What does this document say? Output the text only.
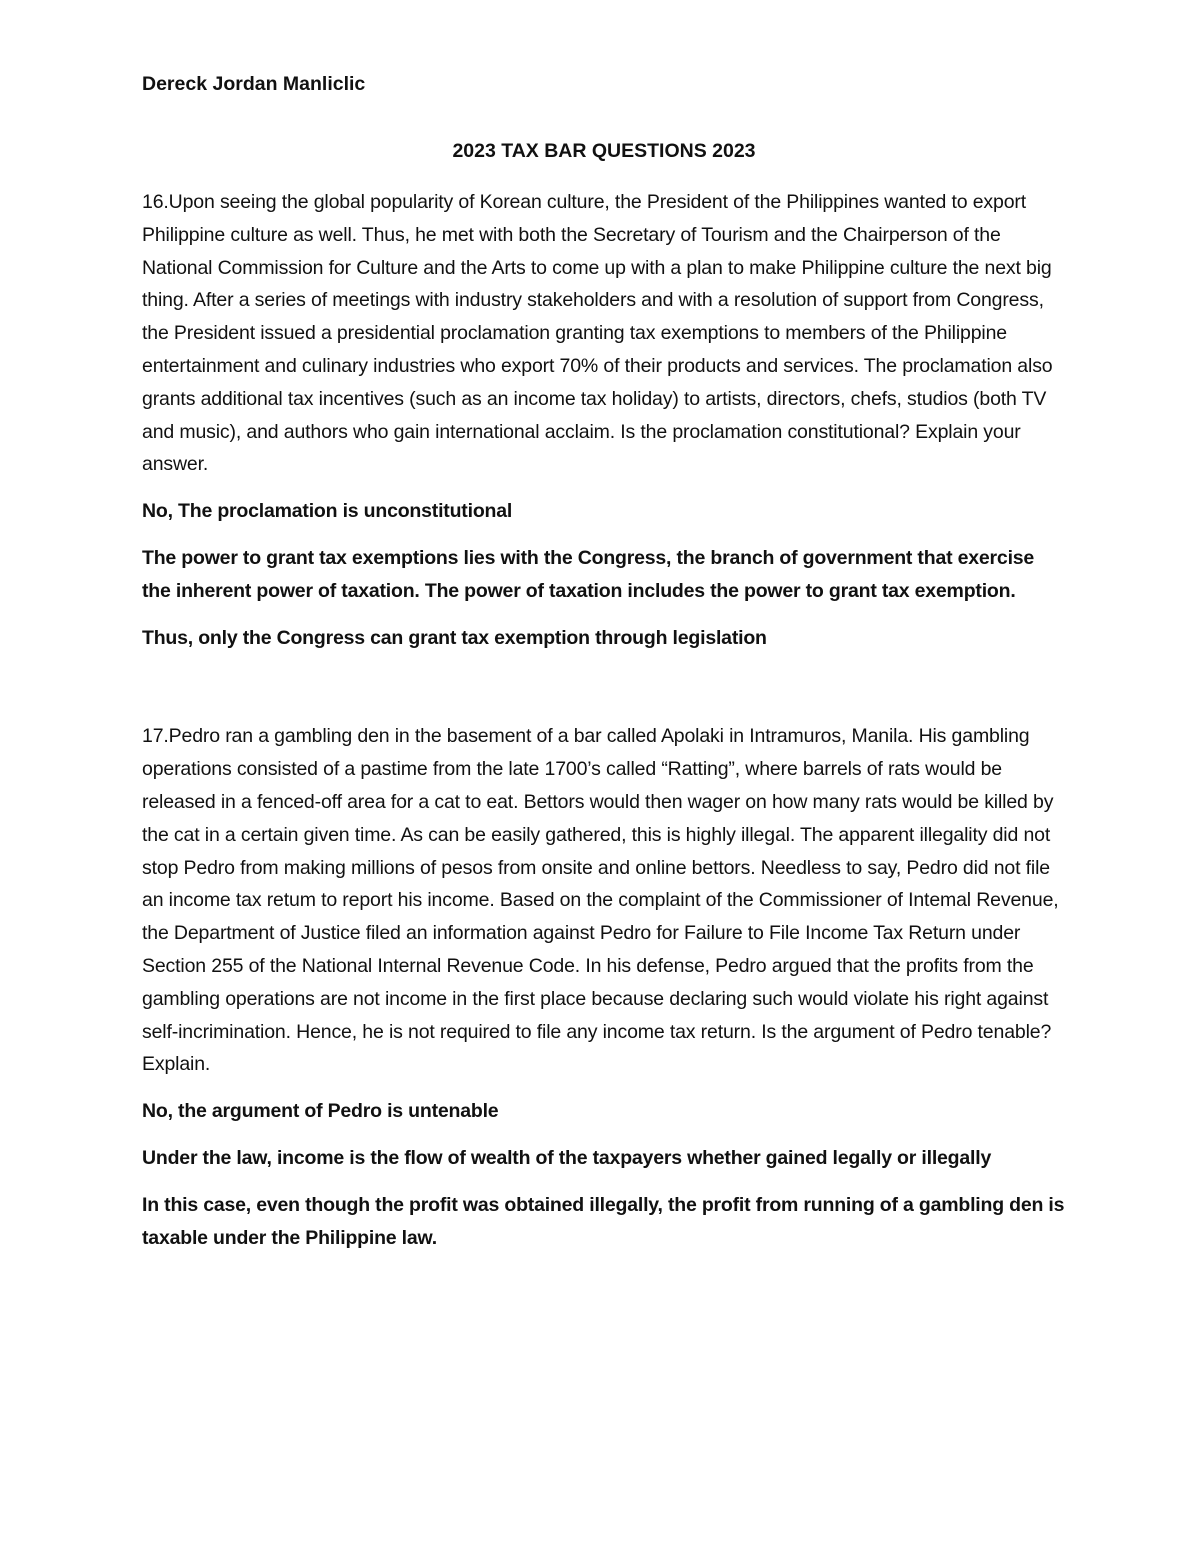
Dereck Jordan Manliclic

2023 TAX BAR QUESTIONS 2023

16.Upon seeing the global popularity of Korean culture, the President of the Philippines wanted to export Philippine culture as well. Thus, he met with both the Secretary of Tourism and the Chairperson of the National Commission for Culture and the Arts to come up with a plan to make Philippine culture the next big thing. After a series of meetings with industry stakeholders and with a resolution of support from Congress, the President issued a presidential proclamation granting tax exemptions to members of the Philippine entertainment and culinary industries who export 70% of their products and services. The proclamation also grants additional tax incentives (such as an income tax holiday) to artists, directors, chefs, studios (both TV and music), and authors who gain international acclaim. Is the proclamation constitutional? Explain your answer.

No, The proclamation is unconstitutional

The power to grant tax exemptions lies with the Congress, the branch of government that exercise the inherent power of taxation. The power of taxation includes the power to grant tax exemption.

Thus, only the Congress can grant tax exemption through legislation

17.Pedro ran a gambling den in the basement of a bar called Apolaki in Intramuros, Manila. His gambling operations consisted of a pastime from the late 1700’s called “Ratting”, where barrels of rats would be released in a fenced-off area for a cat to eat. Bettors would then wager on how many rats would be killed by the cat in a certain given time. As can be easily gathered, this is highly illegal. The apparent illegality did not stop Pedro from making millions of pesos from onsite and online bettors. Needless to say, Pedro did not file an income tax retum to report his income. Based on the complaint of the Commissioner of Intemal Revenue, the Department of Justice filed an information against Pedro for Failure to File Income Tax Return under Section 255 of the National Internal Revenue Code. In his defense, Pedro argued that the profits from the gambling operations are not income in the first place because declaring such would violate his right against self-incrimination. Hence, he is not required to file any income tax return. Is the argument of Pedro tenable? Explain.

No, the argument of Pedro is untenable

Under the law, income is the flow of wealth of the taxpayers whether gained legally or illegally

In this case, even though the profit was obtained illegally, the profit from running of a gambling den is taxable under the Philippine law.
